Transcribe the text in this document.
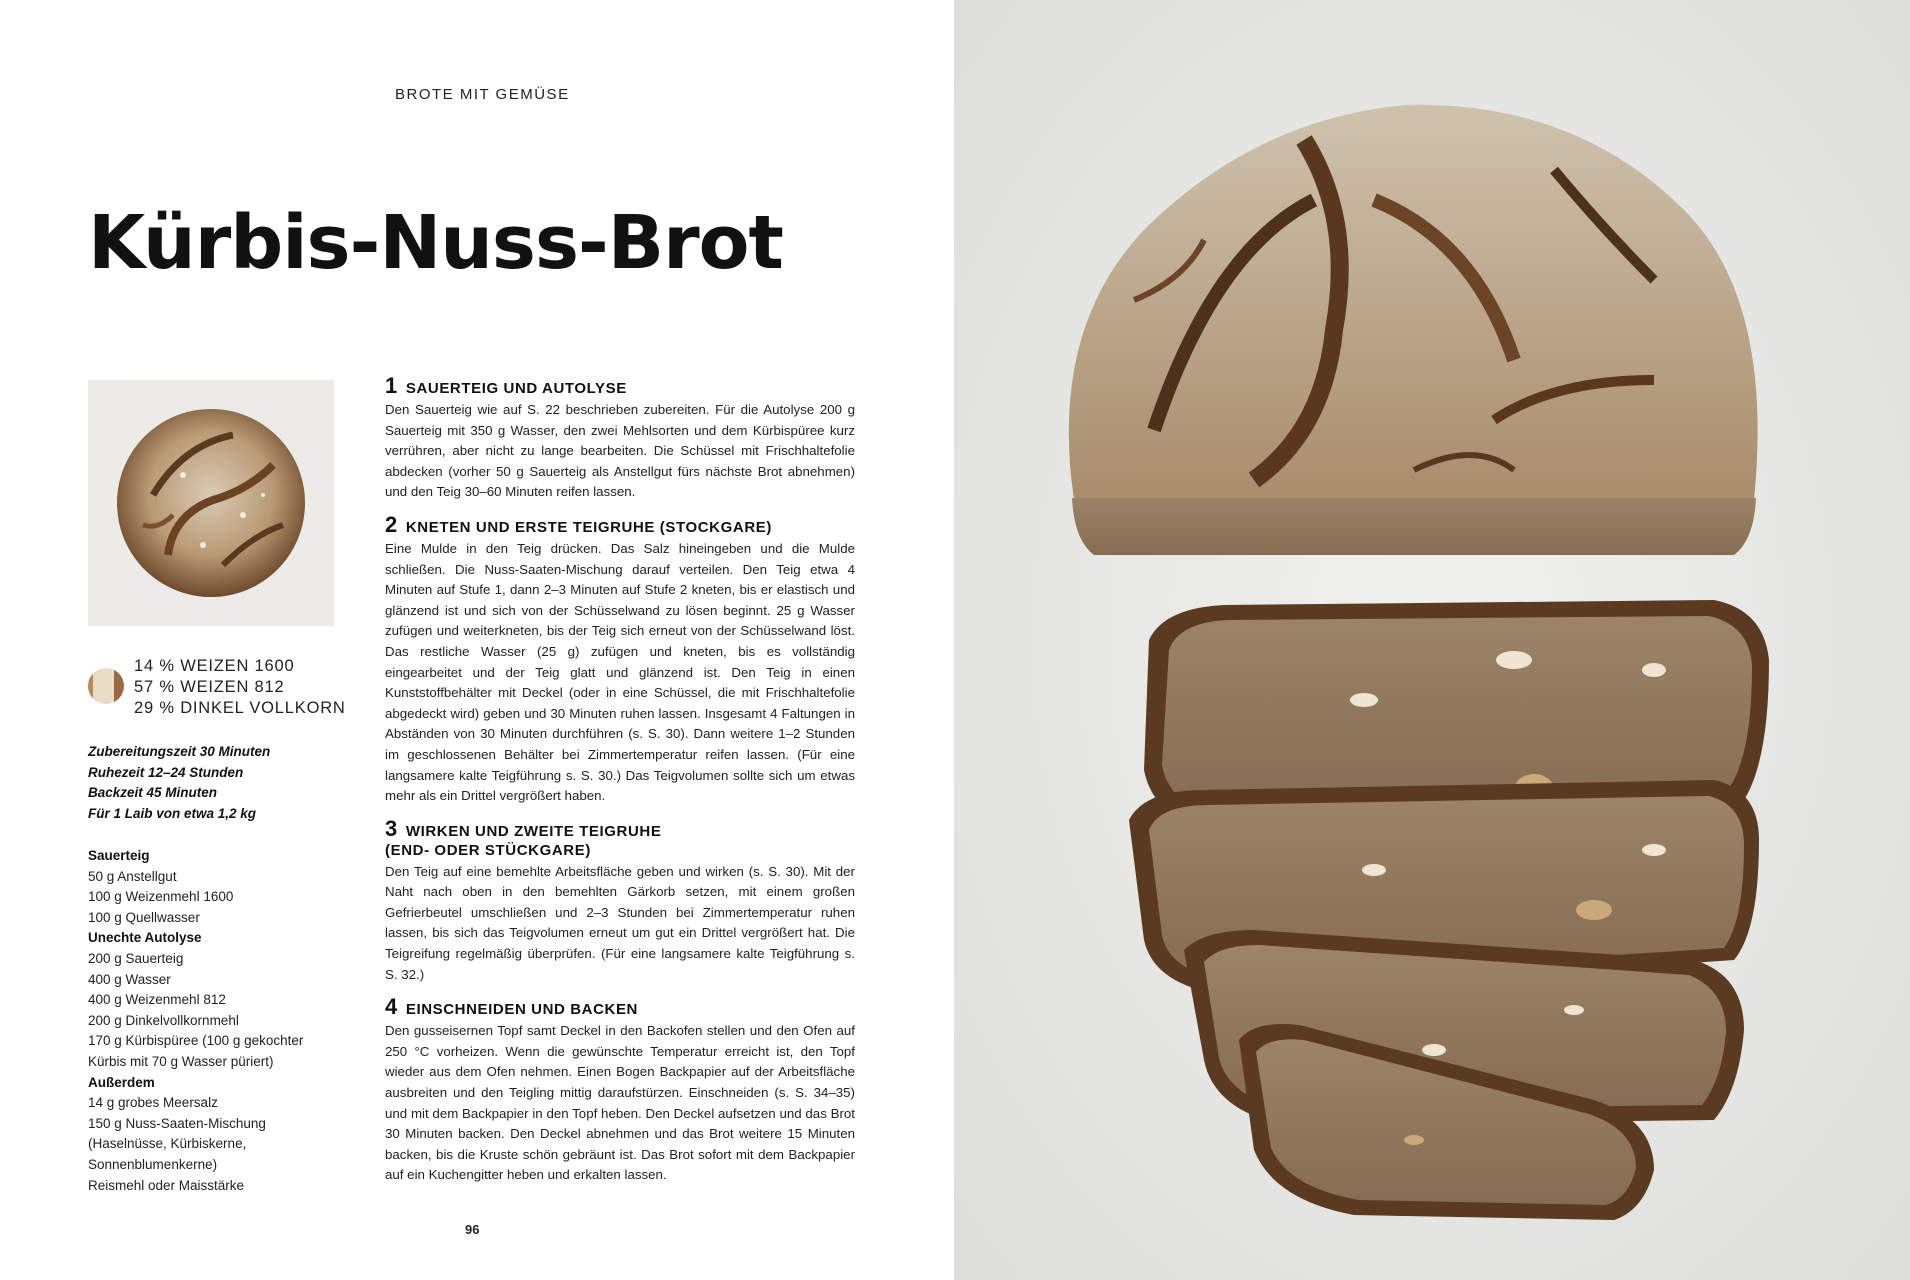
BROTE MIT GEMÜSE
Kürbis-Nuss-Brot
14 % WEIZEN 1600
57 % WEIZEN 812
29 % DINKEL VOLLKORN
Zubereitungszeit 30 Minuten
Ruhezeit 12–24 Stunden
Backzeit 45 Minuten
Für 1 Laib von etwa 1,2 kg
Sauerteig
50 g Anstellgut
100 g Weizenmehl 1600
100 g Quellwasser
Unechte Autolyse
200 g Sauerteig
400 g Wasser
400 g Weizenmehl 812
200 g Dinkelvollkornmehl
170 g Kürbispüree (100 g gekochter Kürbis mit 70 g Wasser püriert)
Außerdem
14 g grobes Meersalz
150 g Nuss-Saaten-Mischung (Haselnüsse, Kürbiskerne, Sonnenblumenkerne)
Reismehl oder Maisstärke
1 SAUERTEIG UND AUTOLYSE

Den Sauerteig wie auf S. 22 beschrieben zubereiten. Für die Autolyse 200 g Sauerteig mit 350 g Wasser, den zwei Mehlsorten und dem Kürbispüree kurz verrühren, aber nicht zu lange bearbeiten. Die Schüssel mit Frischhaltefolie abdecken (vorher 50 g Sauerteig als Anstellgut fürs nächste Brot abnehmen) und den Teig 30–60 Minuten reifen lassen.

2 KNETEN UND ERSTE TEIGRUHE (STOCKGARE)

Eine Mulde in den Teig drücken. Das Salz hineingeben und die Mulde schließen. Die Nuss-Saaten-Mischung darauf verteilen. Den Teig etwa 4 Minuten auf Stufe 1, dann 2–3 Minuten auf Stufe 2 kneten, bis er elastisch und glänzend ist und sich von der Schüsselwand zu lösen beginnt. 25 g Wasser zufügen und weiterkneten, bis der Teig sich erneut von der Schüsselwand löst. Das restliche Wasser (25 g) zufügen und kneten, bis es vollständig eingearbeitet und der Teig glatt und glänzend ist. Den Teig in einen Kunststoffbehälter mit Deckel (oder in eine Schüssel, die mit Frischhaltefolie abgedeckt wird) geben und 30 Minuten ruhen lassen. Insgesamt 4 Faltungen in Abständen von 30 Minuten durchführen (s. S. 30). Dann weitere 1–2 Stunden im geschlossenen Behälter bei Zimmertemperatur reifen lassen. (Für eine langsamere kalte Teigführung s. S. 30.) Das Teigvolumen sollte sich um etwas mehr als ein Drittel vergrößert haben.

3 WIRKEN UND ZWEITE TEIGRUHE
(END- ODER STÜCKGARE)

Den Teig auf eine bemehlte Arbeitsfläche geben und wirken (s. S. 30). Mit der Naht nach oben in den bemehlten Gärkorb setzen, mit einem großen Gefrierbeutel umschließen und 2–3 Stunden bei Zimmertemperatur ruhen lassen, bis sich das Teigvolumen erneut um gut ein Drittel vergrößert hat. Die Teigreifung regelmäßig überprüfen. (Für eine langsamere kalte Teigführung s. S. 32.)

4 EINSCHNEIDEN UND BACKEN

Den gusseisernen Topf samt Deckel in den Backofen stellen und den Ofen auf 250 °C vorheizen. Wenn die gewünschte Temperatur erreicht ist, den Topf wieder aus dem Ofen nehmen. Einen Bogen Backpapier auf der Arbeitsfläche ausbreiten und den Teigling mittig daraufstürzen. Einschneiden (s. S. 34–35) und mit dem Backpapier in den Topf heben. Den Deckel aufsetzen und das Brot 30 Minuten backen. Den Deckel abnehmen und das Brot weitere 15 Minuten backen, bis die Kruste schön gebräunt ist. Das Brot sofort mit dem Backpapier auf ein Kuchengitter heben und erkalten lassen.

96
